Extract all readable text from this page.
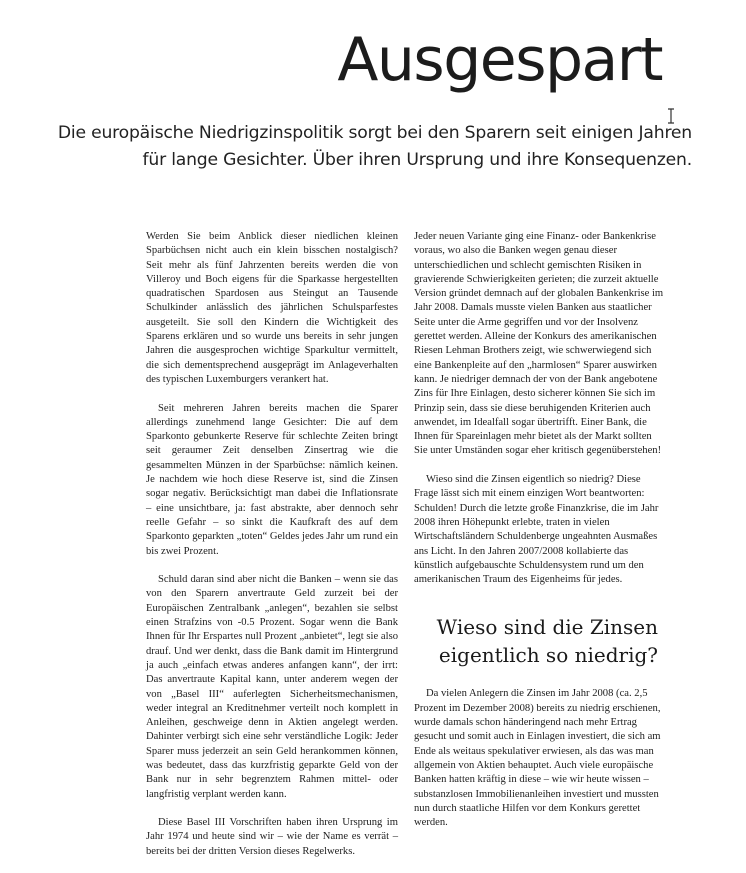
Ausgespart
Die europäische Niedrigzinspolitik sorgt bei den Sparern seit einigen Jahren für lange Gesichter. Über ihren Ursprung und ihre Konsequenzen.

Werden Sie beim Anblick dieser niedlichen kleinen Sparbüchsen nicht auch ein klein bisschen nostalgisch? Seit mehr als fünf Jahrzenten bereits werden die von Villeroy und Boch eigens für die Sparkasse hergestellten quadratischen Spardosen aus Steingut an Tausende Schulkinder anlässlich des jährlichen Schulsparfestes ausgeteilt. Sie soll den Kindern die Wichtigkeit des Sparens erklären und so wurde uns bereits in sehr jungen Jahren die ausgesprochen wichtige Sparkultur vermittelt, die sich dementsprechend ausgeprägt im Anlageverhalten des typischen Luxemburgers verankert hat.

Seit mehreren Jahren bereits machen die Sparer allerdings zunehmend lange Gesichter: Die auf dem Sparkonto gebunkerte Reserve für schlechte Zeiten bringt seit geraumer Zeit denselben Zinsertrag wie die gesammelten Münzen in der Sparbüchse: nämlich keinen. Je nachdem wie hoch diese Reserve ist, sind die Zinsen sogar negativ. Berücksichtigt man dabei die Inflationsrate – eine unsichtbare, ja: fast abstrakte, aber dennoch sehr reelle Gefahr – so sinkt die Kaufkraft des auf dem Sparkonto geparkten „toten“ Geldes jedes Jahr um rund ein bis zwei Prozent.

Schuld daran sind aber nicht die Banken – wenn sie das von den Sparern anvertraute Geld zurzeit bei der Europäischen Zentralbank „anlegen“, bezahlen sie selbst einen Strafzins von -0.5 Prozent. Sogar wenn die Bank Ihnen für Ihr Erspartes null Prozent „anbietet“, legt sie also drauf. Und wer denkt, dass die Bank damit im Hintergrund ja auch „einfach etwas anderes anfangen kann“, der irrt: Das anvertraute Kapital kann, unter anderem wegen der von „Basel III“ auferlegten Sicherheitsmechanismen, weder integral an Kreditnehmer verteilt noch komplett in Anleihen, geschweige denn in Aktien angelegt werden. Dahinter verbirgt sich eine sehr verständliche Logik: Jeder Sparer muss jederzeit an sein Geld herankommen können, was bedeutet, dass das kurzfristig geparkte Geld von der Bank nur in sehr begrenztem Rahmen mittel- oder langfristig verplant werden kann.

Diese Basel III Vorschriften haben ihren Ursprung im Jahr 1974 und heute sind wir – wie der Name es verrät – bereits bei der dritten Version dieses Regelwerks.

Jeder neuen Variante ging eine Finanz- oder Bankenkrise voraus, wo also die Banken wegen genau dieser unterschiedlichen und schlecht gemischten Risiken in gravierende Schwierigkeiten gerieten; die zurzeit aktuelle Version gründet demnach auf der globalen Bankenkrise im Jahr 2008. Damals musste vielen Banken aus staatlicher Seite unter die Arme gegriffen und vor der Insolvenz gerettet werden. Alleine der Konkurs des amerikanischen Riesen Lehman Brothers zeigt, wie schwerwiegend sich eine Bankenpleite auf den „harmlosen“ Sparer auswirken kann. Je niedriger demnach der von der Bank angebotene Zins für Ihre Einlagen, desto sicherer können Sie sich im Prinzip sein, dass sie diese beruhigenden Kriterien auch anwendet, im Idealfall sogar übertrifft. Einer Bank, die Ihnen für Spareinlagen mehr bietet als der Markt sollten Sie unter Umständen sogar eher kritisch gegenüberstehen!

Wieso sind die Zinsen eigentlich so niedrig? Diese Frage lässt sich mit einem einzigen Wort beantworten: Schulden! Durch die letzte große Finanzkrise, die im Jahr 2008 ihren Höhepunkt erlebte, traten in vielen Wirtschaftsländern Schuldenberge ungeahnten Ausmaßes ans Licht. In den Jahren 2007/2008 kollabierte das künstlich aufgebauschte Schuldensystem rund um den amerikanischen Traum des Eigenheims für jedes.

Wieso sind die Zinsen
eigentlich so niedrig?

Da vielen Anlegern die Zinsen im Jahr 2008 (ca. 2,5 Prozent im Dezember 2008) bereits zu niedrig erschienen, wurde damals schon händeringend nach mehr Ertrag gesucht und somit auch in Einlagen investiert, die sich am Ende als weitaus spekulativer erwiesen, als das was man allgemein von Aktien behauptet. Auch viele europäische Banken hatten kräftig in diese – wie wir heute wissen – substanzlosen Immobilienanleihen investiert und mussten nun durch staatliche Hilfen vor dem Konkurs gerettet werden.
